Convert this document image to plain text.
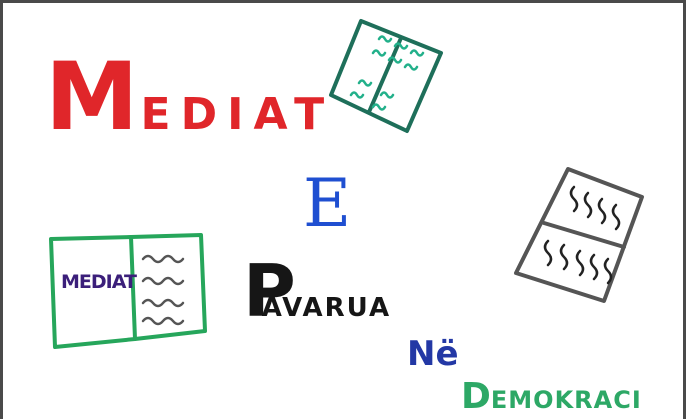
MEDIAT
E
MEDIAT PAVARUA
Në
DEMOKRACI
